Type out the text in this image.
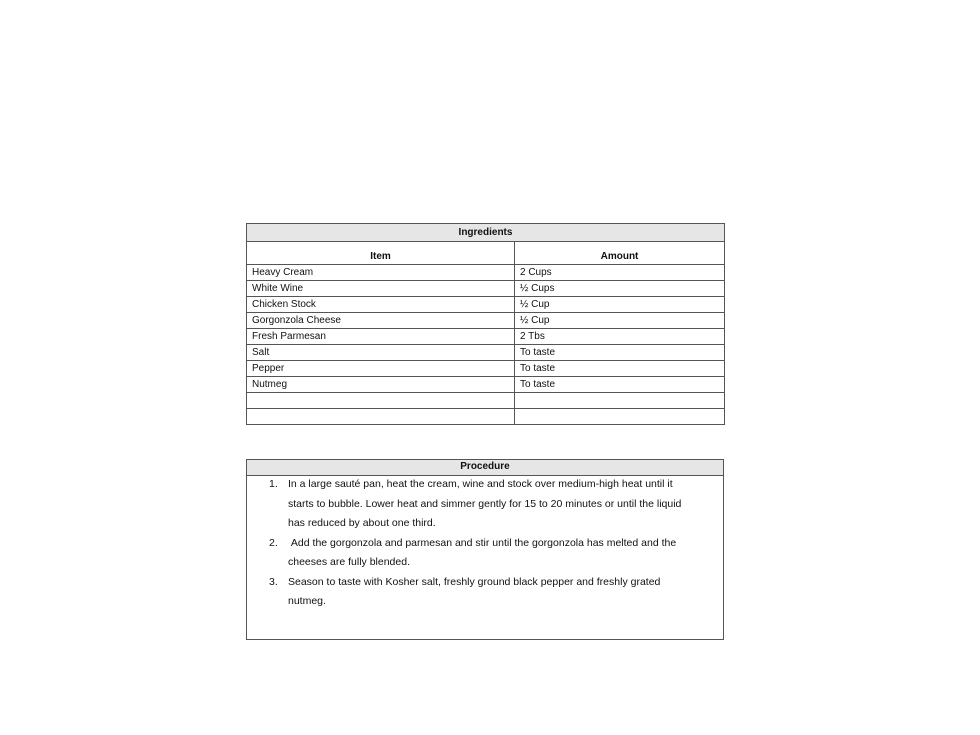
Ingredients	
Item	Amount
Heavy Cream	2 Cups
White Wine	½ Cups
Chicken Stock	½ Cup
Gorgonzola Cheese	½ Cup
Fresh Parmesan	2 Tbs
Salt	To taste
Pepper	To taste
Nutmeg	To taste

Procedure
1. In a large sauté pan, heat the cream, wine and stock over medium-high heat until it starts to bubble. Lower heat and simmer gently for 15 to 20 minutes or until the liquid has reduced by about one third.
2. Add the gorgonzola and parmesan and stir until the gorgonzola has melted and the cheeses are fully blended.
3. Season to taste with Kosher salt, freshly ground black pepper and freshly grated nutmeg.
